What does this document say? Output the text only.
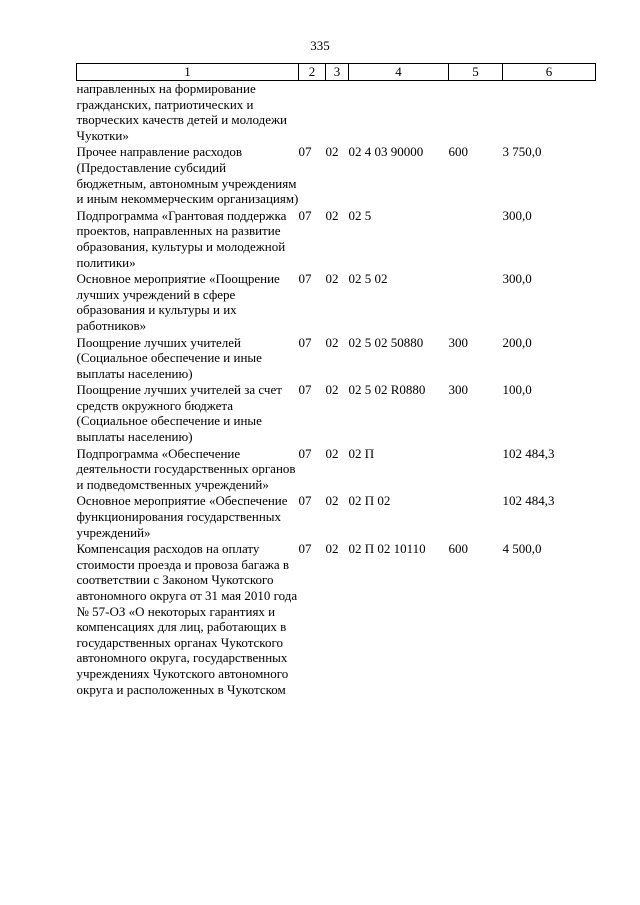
335
1	2	3	4	5	6
направленных на формирование гражданских, патриотических и творческих качеств детей и молодежи Чукотки»					
Прочее направление расходов (Предоставление субсидий бюджетным, автономным учреждениям и иным некоммерческим организациям)	07	02	02 4 03 90000	600	3 750,0
Подпрограмма «Грантовая поддержка проектов, направленных на развитие образования, культуры и молодежной политики»	07	02	02 5		300,0
Основное мероприятие «Поощрение лучших учреждений в сфере образования и культуры и их работников»	07	02	02 5 02		300,0
Поощрение лучших учителей (Социальное обеспечение и иные выплаты населению)	07	02	02 5 02 50880	300	200,0
Поощрение лучших учителей за счет средств окружного бюджета (Социальное обеспечение и иные выплаты населению)	07	02	02 5 02 R0880	300	100,0
Подпрограмма «Обеспечение деятельности государственных органов и подведомственных учреждений»	07	02	02 П		102 484,3
Основное мероприятие «Обеспечение функционирования государственных учреждений»	07	02	02 П 02		102 484,3
Компенсация расходов на оплату стоимости проезда и провоза багажа в соответствии с Законом Чукотского автономного округа от 31 мая 2010 года № 57-ОЗ «О некоторых гарантиях и компенсациях для лиц, работающих в государственных органах Чукотского автономного округа, государственных учреждениях Чукотского автономного округа и расположенных в Чукотском	07	02	02 П 02 10110	600	4 500,0
